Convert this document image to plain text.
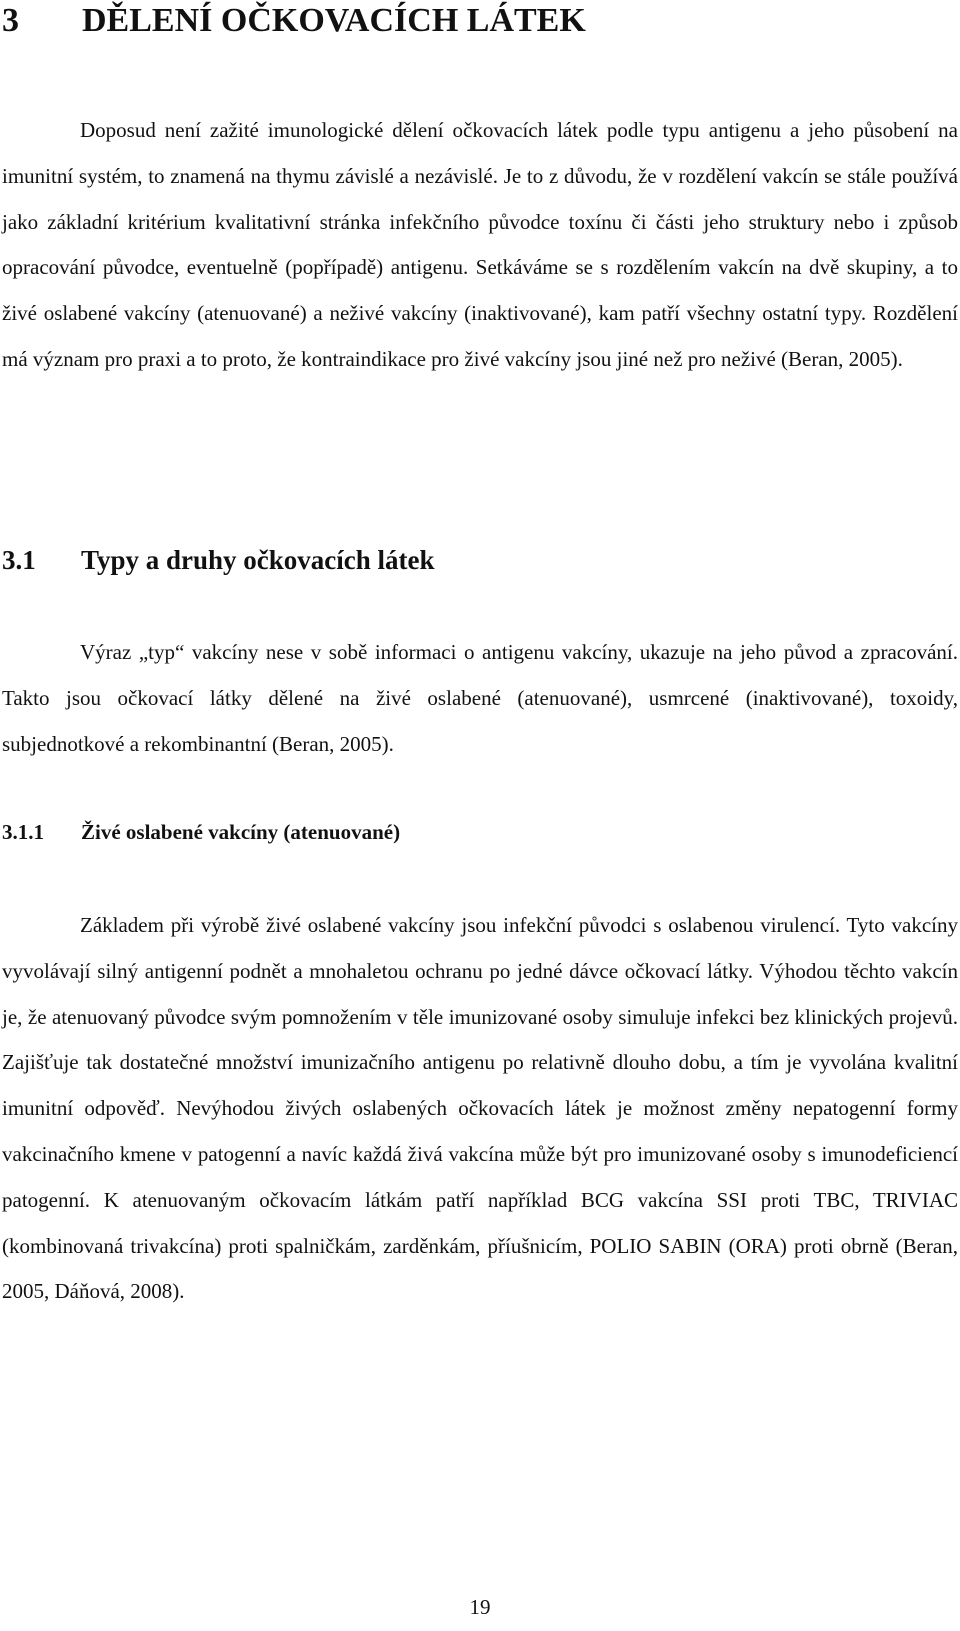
3 DĚLENÍ OČKOVACÍCH LÁTEK

Doposud není zažité imunologické dělení očkovacích látek podle typu antigenu a jeho působení na imunitní systém, to znamená na thymu závislé a nezávislé. Je to z důvodu, že v rozdělení vakcín se stále používá jako základní kritérium kvalitativní stránka infekčního původce toxínu či části jeho struktury nebo i způsob opracování původce, eventuelně (popřípadě) antigenu. Setkáváme se s rozdělením vakcín na dvě skupiny, a to živé oslabené vakcíny (atenuované) a neživé vakcíny (inaktivované), kam patří všechny ostatní typy. Rozdělení má význam pro praxi a to proto, že kontraindikace pro živé vakcíny jsou jiné než pro neživé (Beran, 2005).

3.1 Typy a druhy očkovacích látek

Výraz „typ“ vakcíny nese v sobě informaci o antigenu vakcíny, ukazuje na jeho původ a zpracování. Takto jsou očkovací látky dělené na živé oslabené (atenuované), usmrcené (inaktivované), toxoidy, subjednotkové a rekombinantní (Beran, 2005).

3.1.1 Živé oslabené vakcíny (atenuované)

Základem při výrobě živé oslabené vakcíny jsou infekční původci s oslabenou virulencí. Tyto vakcíny vyvolávají silný antigenní podnět a mnohaletou ochranu po jedné dávce očkovací látky. Výhodou těchto vakcín je, že atenuovaný původce svým pomnožením v těle imunizované osoby simuluje infekci bez klinických projevů. Zajišťuje tak dostatečné množství imunizačního antigenu po relativně dlouho dobu, a tím je vyvolána kvalitní imunitní odpověď. Nevýhodou živých oslabených očkovacích látek je možnost změny nepatogenní formy vakcinačního kmene v patogenní a navíc každá živá vakcína může být pro imunizované osoby s imunodeficiencí patogenní. K atenuovaným očkovacím látkám patří například BCG vakcína SSI proti TBC, TRIVIAC (kombinovaná trivakcína) proti spalničkám, zarděnkám, příušnicím, POLIO SABIN (ORA) proti obrně (Beran, 2005, Dáňová, 2008).

19
